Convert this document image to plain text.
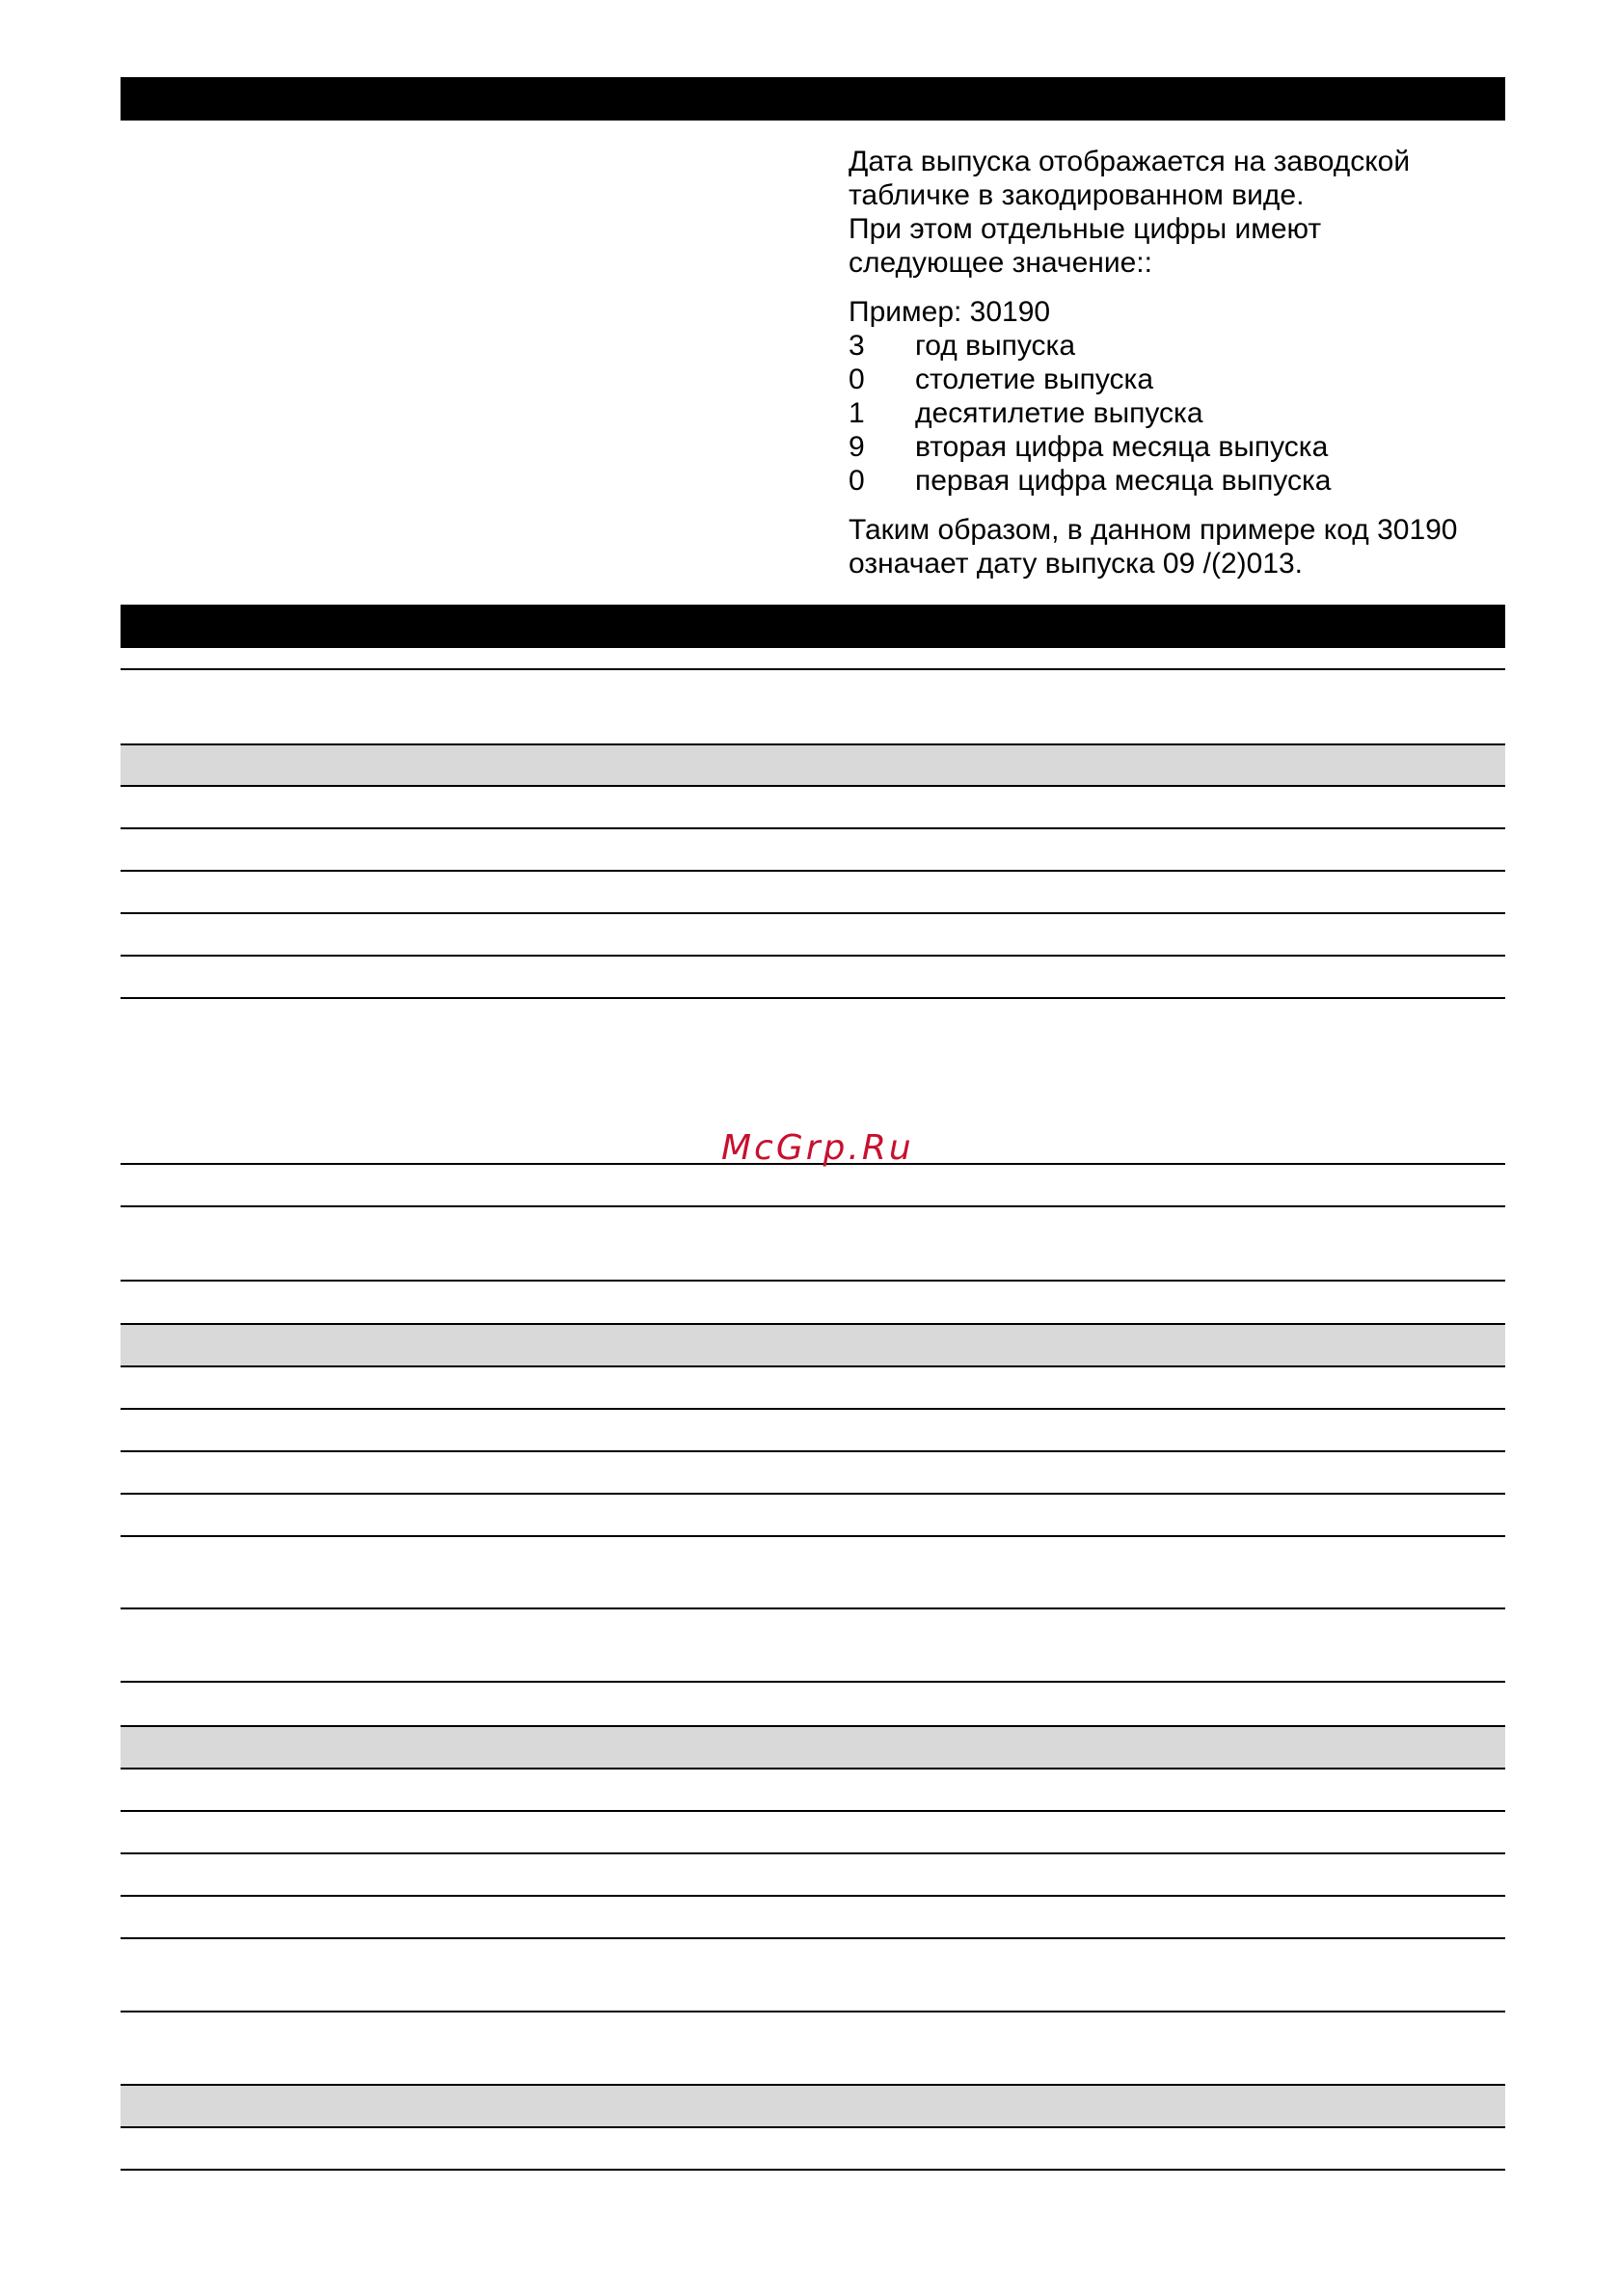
Дата выпуска отображается на заводской
табличке в закодированном виде.
При этом отдельные цифры имеют
следующее значение::

Пример: 30190
3	год выпуска
0	столетие выпуска
1	десятилетие выпуска
9	вторая цифра месяца выпуска
0	первая цифра месяца выпуска

Таким образом, в данном примере код 30190
означает дату выпуска 09 /(2)013.

McGrp.Ru
